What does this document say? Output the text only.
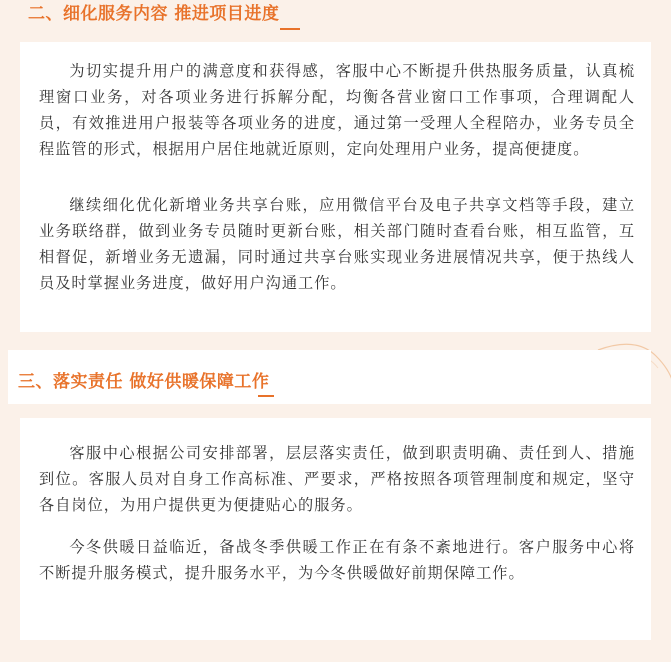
二、细化服务内容 推进项目进度

为切实提升用户的满意度和获得感，客服中心不断提升供热服务质量，认真梳理窗口业务，对各项业务进行拆解分配，均衡各营业窗口工作事项，合理调配人员，有效推进用户报装等各项业务的进度，通过第一受理人全程陪办，业务专员全程监管的形式，根据用户居住地就近原则，定向处理用户业务，提高便捷度。

继续细化优化新增业务共享台账，应用微信平台及电子共享文档等手段，建立业务联络群，做到业务专员随时更新台账，相关部门随时查看台账，相互监管，互相督促，新增业务无遗漏，同时通过共享台账实现业务进展情况共享，便于热线人员及时掌握业务进度，做好用户沟通工作。

三、落实责任 做好供暖保障工作

客服中心根据公司安排部署，层层落实责任，做到职责明确、责任到人、措施到位。客服人员对自身工作高标准、严要求，严格按照各项管理制度和规定，坚守各自岗位，为用户提供更为便捷贴心的服务。

今冬供暖日益临近，备战冬季供暖工作正在有条不紊地进行。客户服务中心将不断提升服务模式，提升服务水平，为今冬供暖做好前期保障工作。
